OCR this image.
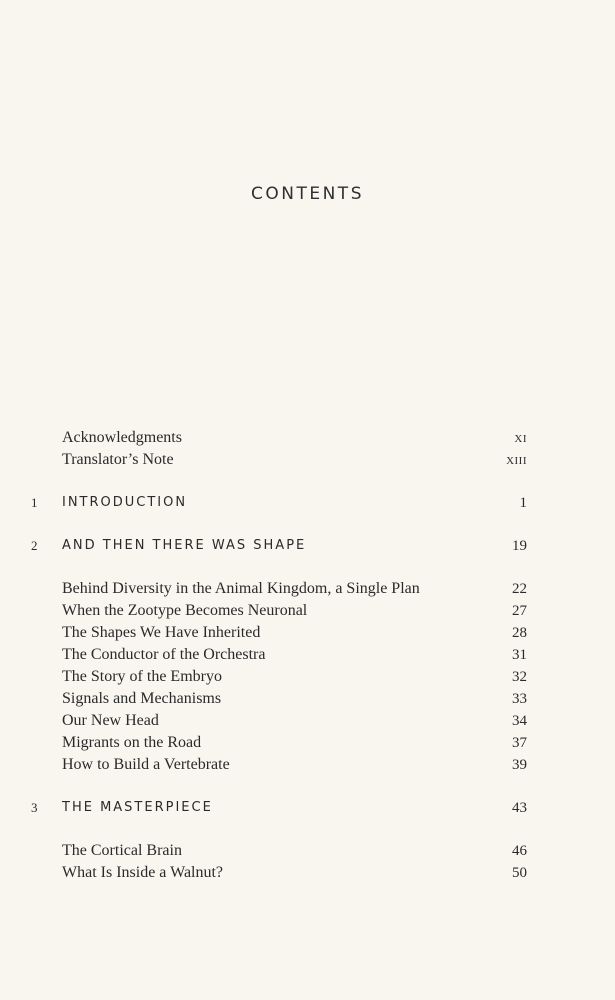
CONTENTS
Acknowledgments	xi
Translator’s Note	xiii
1 INTRODUCTION	1
2 AND THEN THERE WAS SHAPE	19
Behind Diversity in the Animal Kingdom, a Single Plan	22
When the Zootype Becomes Neuronal	27
The Shapes We Have Inherited	28
The Conductor of the Orchestra	31
The Story of the Embryo	32
Signals and Mechanisms	33
Our New Head	34
Migrants on the Road	37
How to Build a Vertebrate	39
3 THE MASTERPIECE	43
The Cortical Brain	46
What Is Inside a Walnut?	50
